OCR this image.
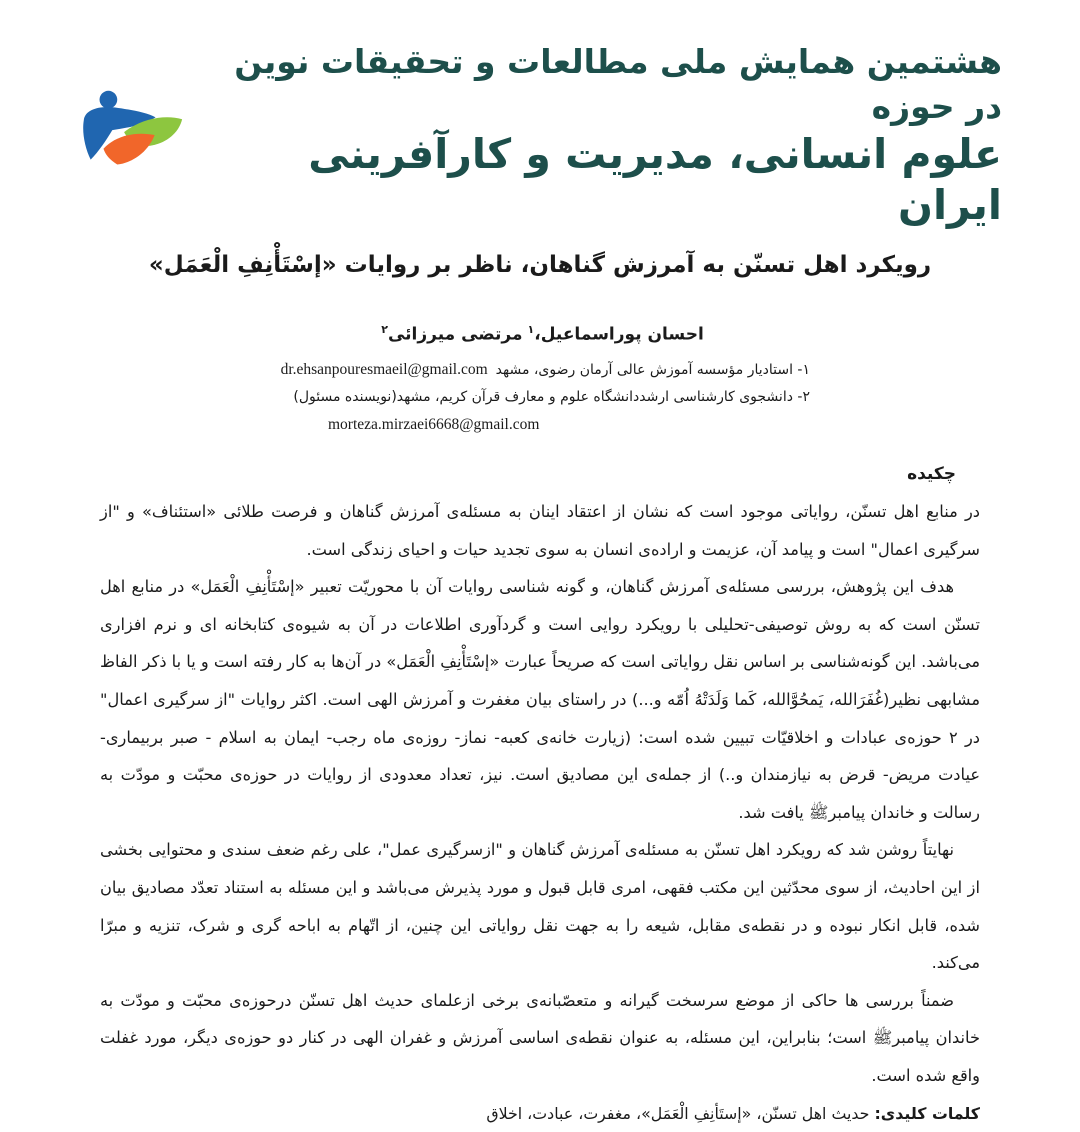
هشتمین همایش ملی مطالعات و تحقیقات نوین در حوزه
علوم انسانی، مدیریت و کارآفرینی ایران
رویکرد اهل تسنّن به آمرزش گناهان، ناظر بر روایات «إسْتَأْنِفِ الْعَمَل»
احسان پوراسماعیل،$^۱$مرتضی میرزائی$^۲$
۱- استادیار مؤسسه آموزش عالی آرمان رضوی، مشهدdr.ehsanpouresmaeil@gmail.com
۲- دانشجوی کارشناسی ارشددانشگاه علوم و معارف قرآن کریم، مشهد(نویسنده مسئول)
morteza.mirzaei6668@gmail.com
چکیده

در منابع اهل تسنّن، روایاتی موجود است که نشان از اعتقاد اینان به مسئله‌ی آمرزش گناهان و فرصت طلائی «استئناف» و "از سرگیری اعمال" است و پیامد آن، عزیمت و اراده‌ی انسان به سوی تجدید حیات و احیای زندگی است.

هدف این پژوهش، بررسی مسئله‌ی آمرزش گناهان، و گونه شناسی روایات آن با محوریّت تعبیر «إسْتَأْنِفِ الْعَمَل» در منابع اهل تسنّن است که به روش توصیفی-تحلیلی با رویکرد روایی است و گردآوری اطلاعات در آن به شیوه‌ی کتابخانه ای و نرم افزاری می‌باشد. این گونه‌شناسی بر اساس نقل روایاتی است که صریحاً عبارت «إسْتَأْنِفِ الْعَمَل» در آن‌ها به کار رفته است و یا با ذکر الفاظ مشابهی نظیر(غُفَرَالله، یَمحُوَّالله، کَما وَلَدَتْهُ اُمّه و...) در راستای بیان مغفرت و آمرزش الهی است. اکثر روایات "از سرگیری اعمال" در ۲ حوزه‌ی عبادات و اخلاقیّات تبیین شده است: (زیارت خانه‌ی کعبه- نماز- روزه‌ی ماه رجب- ایمان به اسلام - صبر بربیماری- عیادت مریض- قرض به نیازمندان و..) از جمله‌ی این مصادیق است. نیز، تعداد معدودی از روایات در حوزه‌ی محبّت و مودّت به رسالت و خاندان پیامبرﷺ یافت شد.

نهایتاً روشن شد که رویکرد اهل تسنّن به مسئله‌ی آمرزش گناهان و "ازسرگیری عمل"، علی رغم ضعف سندی و محتوایی بخشی از این احادیث، از سوی محدّثین این مکتب فقهی، امری قابل قبول و مورد پذیرش می‌باشد و این مسئله به استناد تعدّد مصادیق بیان شده، قابل انکار نبوده و در نقطه‌ی مقابل، شیعه را به جهت نقل روایاتی این چنین، از اتّهام به اباحه گری و شرک، تنزیه و مبرّا می‌کند.

ضمناً بررسی ها حاکی از موضع سرسخت گیرانه و متعصّبانه‌ی برخی ازعلمای حدیث اهل تسنّن درحوزه‌ی محبّت و مودّت به خاندان پیامبرﷺ است؛ بنابراین، این مسئله، به عنوان نقطه‌ی اساسی آمرزش و غفران الهی در کنار دو حوزه‌ی دیگر، مورد غفلت واقع شده است.

کلمات کلیدی: حدیث اهل تسنّن، «إستَأنِفِ الْعَمَل»، مغفرت، عبادت، اخلاق
